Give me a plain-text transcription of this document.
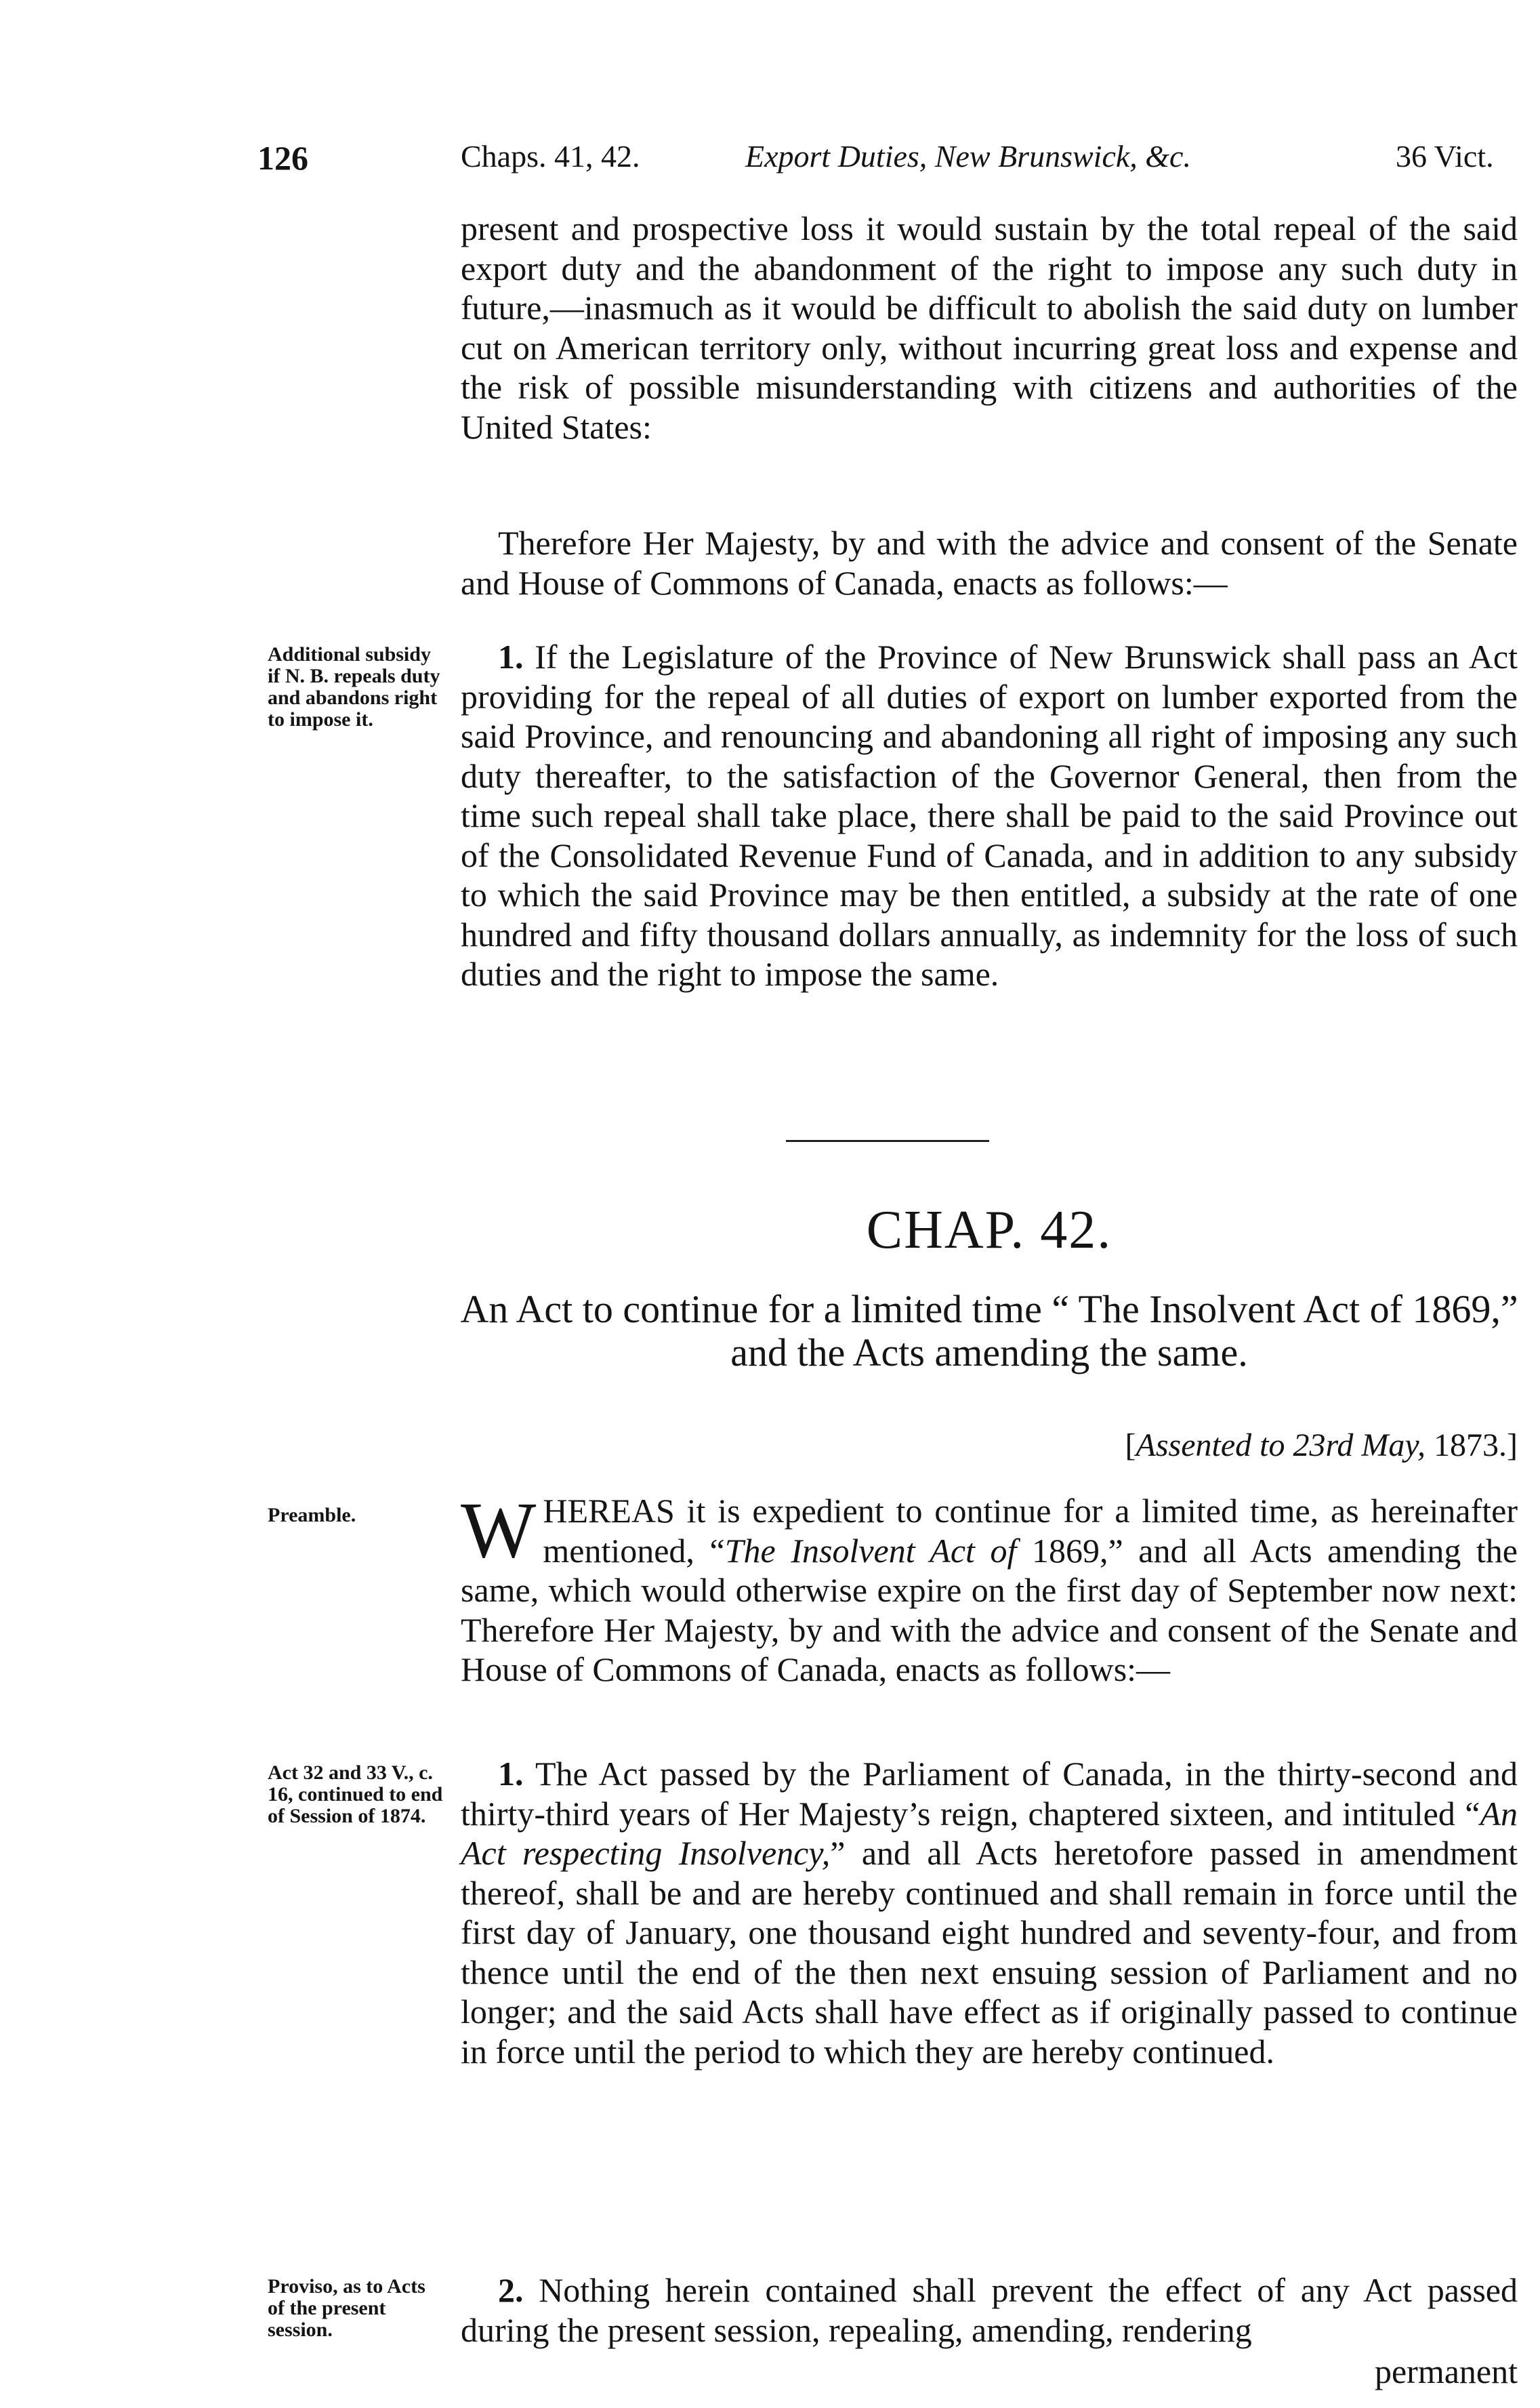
126	Chaps. 41, 42.	Export Duties, New Brunswick, &c.	36 Vict.
present and prospective loss it would sustain by the total repeal of the said export duty and the abandonment of the right to impose any such duty in future,—inasmuch as it would be difficult to abolish the said duty on lumber cut on American territory only, without incurring great loss and expense and the risk of possible misunderstanding with citizens and authorities of the United States:
Therefore Her Majesty, by and with the advice and consent of the Senate and House of Commons of Canada, enacts as follows:—
Additional subsidy if N. B. repeals duty and abandons right to impose it.
1. If the Legislature of the Province of New Brunswick shall pass an Act providing for the repeal of all duties of export on lumber exported from the said Province, and renouncing and abandoning all right of imposing any such duty thereafter, to the satisfaction of the Governor General, then from the time such repeal shall take place, there shall be paid to the said Province out of the Consolidated Revenue Fund of Canada, and in addition to any subsidy to which the said Province may be then entitled, a subsidy at the rate of one hundred and fifty thousand dollars annually, as indemnity for the loss of such duties and the right to impose the same.
CHAP. 42.
An Act to continue for a limited time “ The Insolvent Act of 1869,” and the Acts amending the same.
[Assented to 23rd May, 1873.]
Preamble.	WHEREAS it is expedient to continue for a limited time, as hereinafter mentioned, “The Insolvent Act of 1869,” and all Acts amending the same, which would otherwise expire on the first day of September now next: Therefore Her Majesty, by and with the advice and consent of the Senate and House of Commons of Canada, enacts as follows:—
Act 32 and 33 V., c. 16, continued to end of Session of 1874.
1. The Act passed by the Parliament of Canada, in the thirty-second and thirty-third years of Her Majesty’s reign, chaptered sixteen, and intituled “An Act respecting Insolvency,” and all Acts heretofore passed in amendment thereof, shall be and are hereby continued and shall remain in force until the first day of January, one thousand eight hundred and seventy-four, and from thence until the end of the then next ensuing session of Parliament and no longer; and the said Acts shall have effect as if originally passed to continue in force until the period to which they are hereby continued.
Proviso, as to Acts of the present session.
2. Nothing herein contained shall prevent the effect of any Act passed during the present session, repealing, amending, rendering
permanent
